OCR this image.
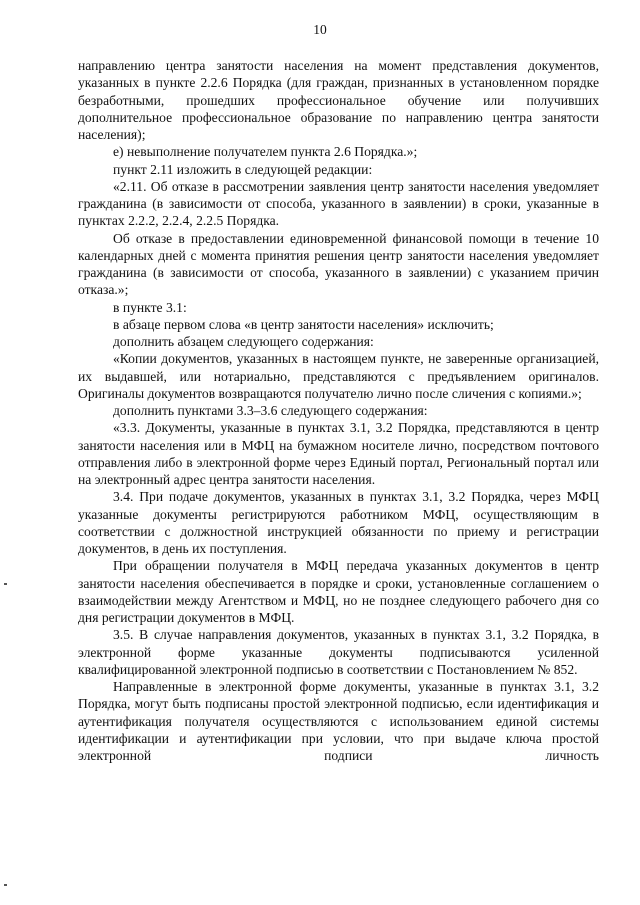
10

направлению центра занятости населения на момент представления документов, указанных в пункте 2.2.6 Порядка (для граждан, признанных в установленном порядке безработными, прошедших профессиональное обучение или получивших дополнительное профессиональное образование по направлению центра занятости населения);

е) невыполнение получателем пункта 2.6 Порядка.»;

пункт 2.11 изложить в следующей редакции:

«2.11. Об отказе в рассмотрении заявления центр занятости населения уведомляет гражданина (в зависимости от способа, указанного в заявлении) в сроки, указанные в пунктах 2.2.2, 2.2.4, 2.2.5 Порядка.

Об отказе в предоставлении единовременной финансовой помощи в течение 10 календарных дней с момента принятия решения центр занятости населения уведомляет гражданина (в зависимости от способа, указанного в заявлении) с указанием причин отказа.»;

в пункте 3.1:

в абзаце первом слова «в центр занятости населения» исключить;

дополнить абзацем следующего содержания:

«Копии документов, указанных в настоящем пункте, не заверенные организацией, их выдавшей, или нотариально, представляются с предъявлением оригиналов. Оригиналы документов возвращаются получателю лично после сличения с копиями.»;

дополнить пунктами 3.3–3.6 следующего содержания:

«3.3. Документы, указанные в пунктах 3.1, 3.2 Порядка, представляются в центр занятости населения или в МФЦ на бумажном носителе лично, посредством почтового отправления либо в электронной форме через Единый портал, Региональный портал или на электронный адрес центра занятости населения.

3.4. При подаче документов, указанных в пунктах 3.1, 3.2 Порядка, через МФЦ указанные документы регистрируются работником МФЦ, осуществляющим в соответствии с должностной инструкцией обязанности по приему и регистрации документов, в день их поступления.

При обращении получателя в МФЦ передача указанных документов в центр занятости населения обеспечивается в порядке и сроки, установленные соглашением о взаимодействии между Агентством и МФЦ, но не позднее следующего рабочего дня со дня регистрации документов в МФЦ.

3.5. В случае направления документов, указанных в пунктах 3.1, 3.2 Порядка, в электронной форме указанные документы подписываются усиленной квалифицированной электронной подписью в соответствии с Постановлением № 852.

Направленные в электронной форме документы, указанные в пунктах 3.1, 3.2 Порядка, могут быть подписаны простой электронной подписью, если идентификация и аутентификация получателя осуществляются с использованием единой системы идентификации и аутентификации при условии, что при выдаче ключа простой электронной подписи личность
